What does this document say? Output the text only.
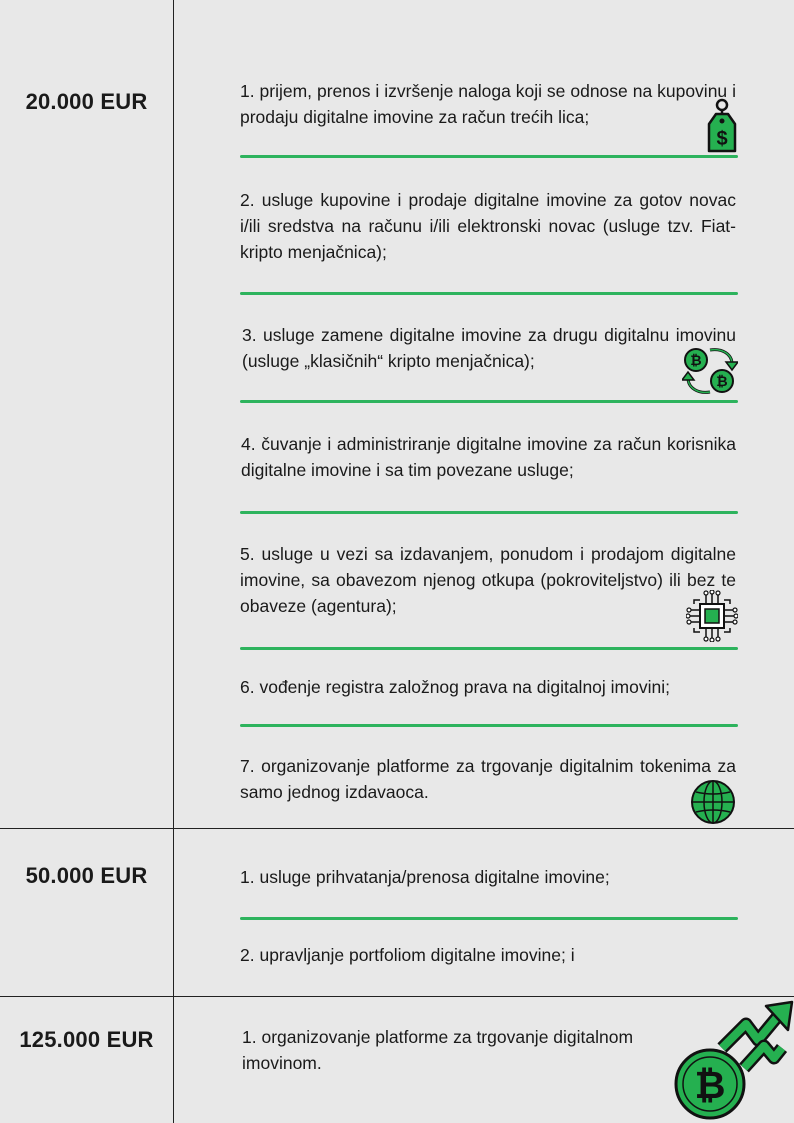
20.000 EUR	1. prijem, prenos i izvršenje naloga koji se odnose na kupovinu i prodaju digitalne imovine za račun trećih lica;
$
2. usluge kupovine i prodaje digitalne imovine za gotov novac i/ili sredstva na računu i/ili elektronski novac (usluge tzv. Fiat-kripto menjačnica);
3. usluge zamene digitalne imovine za drugu digitalnu imovinu (usluge „klasičnih“ kripto menjačnica);	₿
₿
4. čuvanje i administriranje digitalne imovine za račun korisnika digitalne imovine i sa tim povezane usluge;
5. usluge u vezi sa izdavanjem, ponudom i prodajom digitalne imovine, sa obavezom njenog otkupa (pokroviteljstvo) ili bez te obaveze (agentura);
6. vođenje registra založnog prava na digitalnoj imovini;
7. organizovanje platforme za trgovanje digitalnim tokenima za samo jednog izdavaoca.
50.000 EUR	1. usluge prihvatanja/prenosa digitalne imovine;
2. upravljanje portfoliom digitalne imovine; i
125.000 EUR	1. organizovanje platforme za trgovanje digitalnom imovinom.
₿
